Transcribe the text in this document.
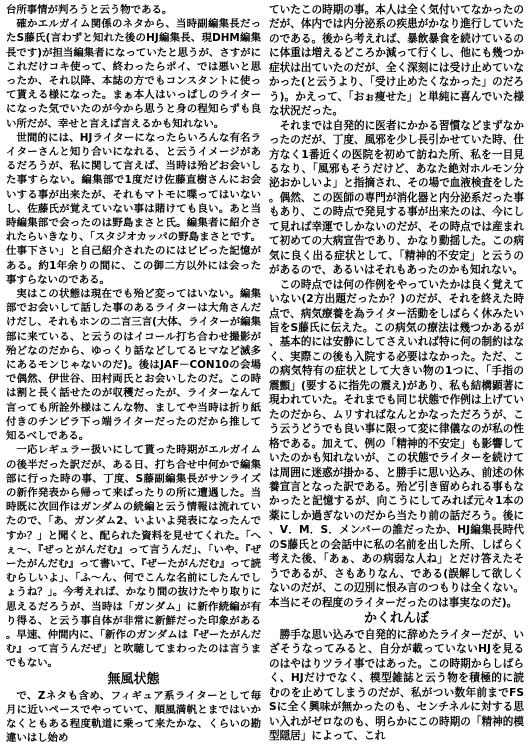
台所事情が判ろうと云う物である。

確かエルガイム関係のネタから、当時副編集長だったS藤氏(言わずと知れた後のHJ編集長、現DHM編集長です)が担当編集者になっていたと思うが、さすがにこれだけコキ使って、終わったらポイ、では悪いと思ったか、それ以降、本誌の方でもコンスタントに使って貰える様になった。まぁ本人はいっぱしのライターになった気でいたのが今から思うと身の程知らずも良い所だが、幸せと言えば言えるかも知れない。

世間的には、HJライターになったらいろんな有名ライターさんと知り合いになれる、と云うイメージがあるだろうが、私に関して言えば、当時は殆どお会いした事すらない。編集部で1度だけ佐藤直樹さんにお会いする事が出来たが、それもマトモに喋ってはいないし、佐藤氏が覚えていない事は賭けても良い。あと当時編集部で会ったのは野島まさと氏。編集者に紹介されたらいきなり、「スタジオカッパの野島まさとです。仕事下さい」と自己紹介されたのにはビビった記憶がある。約1年余りの間に、この御二方以外には会った事すらないのである。

実はこの状態は現在でも殆ど変ってはいない。編集部でお会いして話した事のあるライターは大角さんだけだし、それもホンの二言三言(大体、ライターが編集部に来ている、と云うのはイコール打ち合わせ撮影が殆どなのだから、ゆっくり話などしてるヒマなど滅多にあるモンじゃないのだ)。後はJAF－CON10の会場で偶然、伊世谷、田村両氏とお会いしたのだ。この時は割と長く話せたのが収穫だったが、ライターなんて言っても所詮外様はこんな物、ましてや当時は折り紙付きのチンピラ下っ端ライターだったのだから推して知るべしである。

一応レギュラー扱いにして貰った時期がエルガイムの後半だった訳だが、ある日、打ち合せ中何かで編集部に行った時の事、丁度、S藤副編集長がサンライズの新作発表から帰って来ばったりの所に遭遇した。当時既に次回作はガンダムの続編と云う情報は流れていたので、「あ、ガンダム2、いよいよ発表になったんですか？」と聞くと、配られた資料を見せてくれた。「へぇ～、『ぜっとがんだむ』って言うんだ」、「いや、『ぜーたがんだむ』って書いて、『ぜーたがんだむ』って読むらしいよ」、「ふ～ん、何でこんな名前にしたんでしょうね？」。今考えれば、かなり間の抜けたやり取りに思えるだろうが、当時は「ガンダム」に新作続編が有り得る、と云う事自体が非常に新鮮だった印象がある。早速、仲間内に、「新作のガンダムは『ぜーたがんだむ』って言うんだぜ」と吹聴してまわったのは言うまでもない。

無風状態

で、Zネタも含め、フィギュア系ライターとして毎月に近いペースでやっていて、順風満帆とまではいかなくともある程度軌道に乗って来たかな、くらいの勘違いはし始め

ていたこの時期の事。本人は全く気付いてなかったのだが、体内では内分泌系の疾患がかなり進行していたのである。後から考えれば、暴飲暴食を続けているのに体重は増えるどころか減って行くし、他にも幾つか症状は出ていたのだが、全く深刻には受け止めていなかった(と云うより、「受け止めたくなかった」のだろう)。かえって、「おぉ痩せた」と単純に喜んでいた様な状況だった。

それまでは自発的に医者にかかる習慣などまずなかったのだが、丁度、風邪を少し長引かせていた時、仕方なく1番近くの医院を初めて訪ねた所、私を一目見るなり、「風邪もそうだけど、あなた絶対ホルモン分泌おかしいよ」と指摘され、その場で血液検査をした。偶然、この医師の専門が消化器と内分泌系だった事もあり、この時点で発見する事が出来たのは、今にして見れば幸運でしかないのだが、その時点では産まれて初めての大病宣告であり、かなり動揺した。この病気に良く出る症状として、「精神的不安定」と云うのがあるので、あるいはそれもあったのかも知れない。

この時点では何の作例をやっていたかは良く覚えていない(2方出題だったか？)のだが、それを終えた時点で、病気療養を為ライター活動をしばらく休みたい旨をS藤氏に伝えた。この病気の療法は幾つかあるが、基本的には安静にしてさえいれば特に何の制約はなく、実際この後も入院する必要はなかった。ただ、この病気特有の症状として大きい物の1つに、「手指の震顫」(要するに指先の震え)があり、私も結構顕著に現われていた。それまでも同じ状態で作例は上げていたのだから、ムリすればなんとかなっただろうが、こう云うどうでも良い事に限って変に律儀なのが私の性格である。加えて、例の「精神的不安定」も影響していたのかも知れないが、この状態でライターを続けては周囲に迷惑が掛かる、と勝手に思い込み、前述の休養宣言となった訳である。殆ど引き留められる事もなかったと記憶するが、向こうにしてみれば元々1本の薬にしか過ぎないのだから当たり前の話だろう。後に、V．M．S．メンバーの誰だったか、HJ編集長時代のS藤氏との会話中に私の名前を出した所、しばらく考えた後、「あぁ、あの病弱な人ね」とだけ答えたそうであるが、さもありなん、である(誤解して欲しくないのだが、この辺別に恨み言のつもりは全くない。本当にその程度のライターだったのは事実なのだ)。

かくれんぼ

勝手な思い込みで自発的に辞めたライターだが、いざそうなってみると、自分が載っていないHJを見るのはやはりツライ事ではあった。この時期からしばらく、HJだけでなく、模型雑誌と云う物を積極的に読むのを止めてしまうのだが、私がつい数年前までFSSに全く興味が無かったのも、センチネルに対する思い入れがゼロなのも、明らかにこの時期の「精神的模型隠居」によって、これ
